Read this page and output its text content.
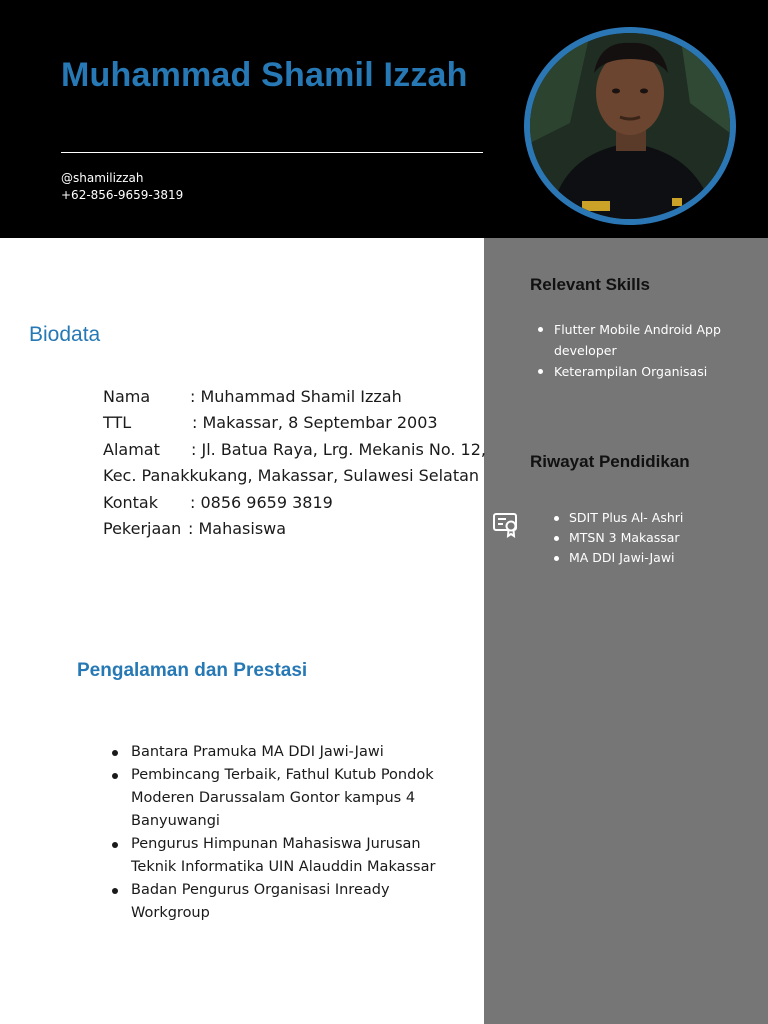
Muhammad Shamil Izzah
@shamilizzah
+62-856-9659-3819
Relevant Skills
Flutter Mobile Android App developer
Keterampilan Organisasi
Riwayat Pendidikan
SDIT Plus Al- Ashri
MTSN 3 Makassar
MA DDI Jawi-Jawi
Biodata
Nama : Muhammad Shamil Izzah
TTL	: Makassar, 8 Septembar 2003
Alamat : Jl. Batua Raya, Lrg. Mekanis No. 12,
Kec. Panakkukang, Makassar, Sulawesi Selatan
Kontak : 0856 9659 3819
Pekerjaan : Mahasiswa
Pengalaman dan Prestasi
Bantara Pramuka MA DDI Jawi-Jawi
Pembincang Terbaik, Fathul Kutub Pondok Moderen Darussalam Gontor kampus 4 Banyuwangi
Pengurus Himpunan Mahasiswa Jurusan Teknik Informatika UIN Alauddin Makassar
Badan Pengurus Organisasi Inready Workgroup
